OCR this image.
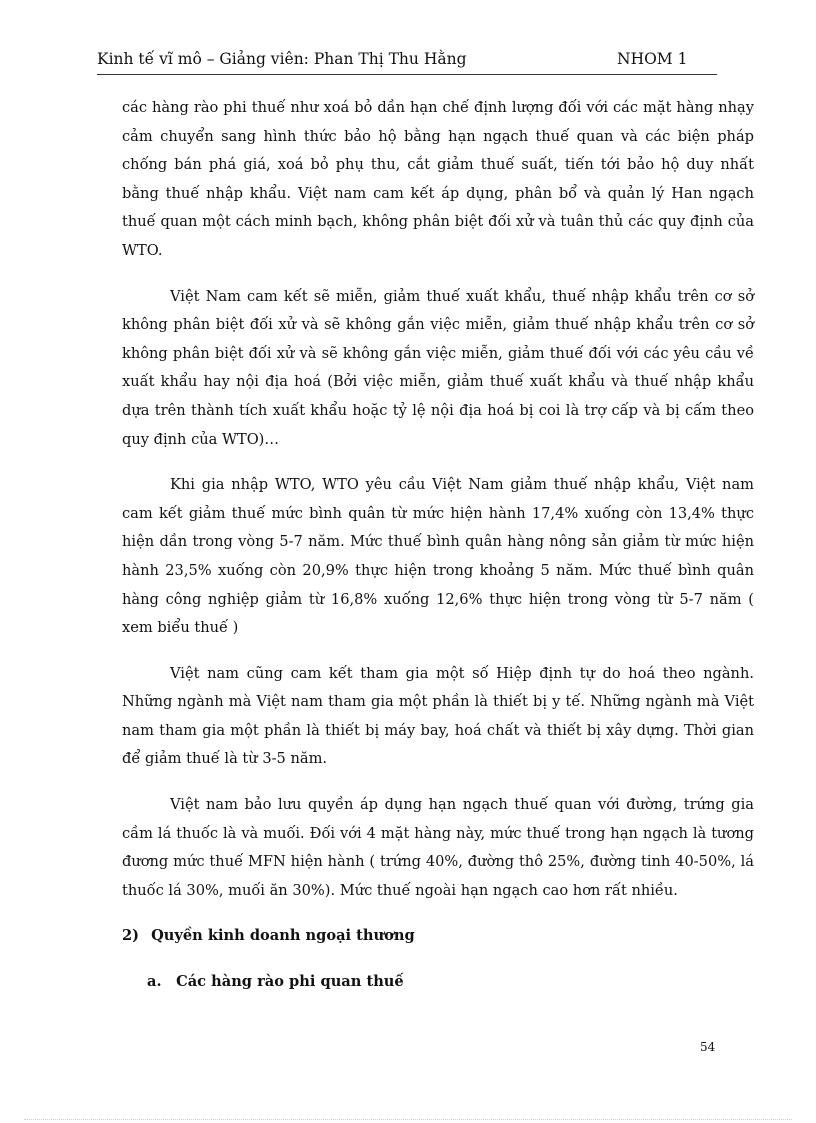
Kinh tế vĩ mô – Giảng viên: Phan Thị Thu Hằng	NHOM 1

các hàng rào phi thuế như xoá bỏ dần hạn chế định lượng đối với các mặt hàng nhạy cảm chuyển sang hình thức bảo hộ bằng hạn ngạch thuế quan và các biện pháp chống bán phá giá, xoá bỏ phụ thu, cắt giảm thuế suất, tiến tới bảo hộ duy nhất bằng thuế nhập khẩu. Việt nam cam kết áp dụng, phân bổ và quản lý Han ngạch thuế quan một cách minh bạch, không phân biệt đối xử và tuân thủ các quy định của WTO.

Việt Nam cam kết sẽ miễn, giảm thuế xuất khẩu, thuế nhập khẩu trên cơ sở không phân biệt đối xử và sẽ không gắn việc miễn, giảm thuế nhập khẩu trên cơ sở không phân biệt đối xử và sẽ không gắn việc miễn, giảm thuế đối với các yêu cầu về xuất khẩu hay nội địa hoá (Bởi việc miễn, giảm thuế xuất khẩu và thuế nhập khẩu dựa trên thành tích xuất khẩu hoặc tỷ lệ nội địa hoá bị coi là trợ cấp và bị cấm theo quy định của WTO)…

Khi gia nhập WTO, WTO yêu cầu Việt Nam giảm thuế nhập khẩu, Việt nam cam kết giảm thuế mức bình quân từ mức hiện hành 17,4% xuống còn 13,4% thực hiện dần trong vòng 5-7 năm. Mức thuế bình quân hàng nông sản giảm từ mức hiện hành 23,5% xuống còn 20,9% thực hiện trong khoảng 5 năm. Mức thuế bình quân hàng công nghiệp giảm từ 16,8% xuống 12,6% thực hiện trong vòng từ 5-7 năm ( xem biểu thuế )

Việt nam cũng cam kết tham gia một số Hiệp định tự do hoá theo ngành. Những ngành mà Việt nam tham gia một phần là thiết bị y tế. Những ngành mà Việt nam tham gia một phần là thiết bị máy bay, hoá chất và thiết bị xây dựng. Thời gian để giảm thuế là từ 3-5 năm.

Việt nam bảo lưu quyền áp dụng hạn ngạch thuế quan với đường, trứng gia cầm lá thuốc là và muối. Đối với 4 mặt hàng này, mức thuế trong hạn ngạch là tương đương mức thuế MFN hiện hành ( trứng 40%, đường thô 25%, đường tinh 40-50%, lá thuốc lá 30%, muối ăn 30%). Mức thuế ngoài hạn ngạch cao hơn rất nhiều.

2) Quyền kinh doanh ngoại thương
a. Các hàng rào phi quan thuế
54
